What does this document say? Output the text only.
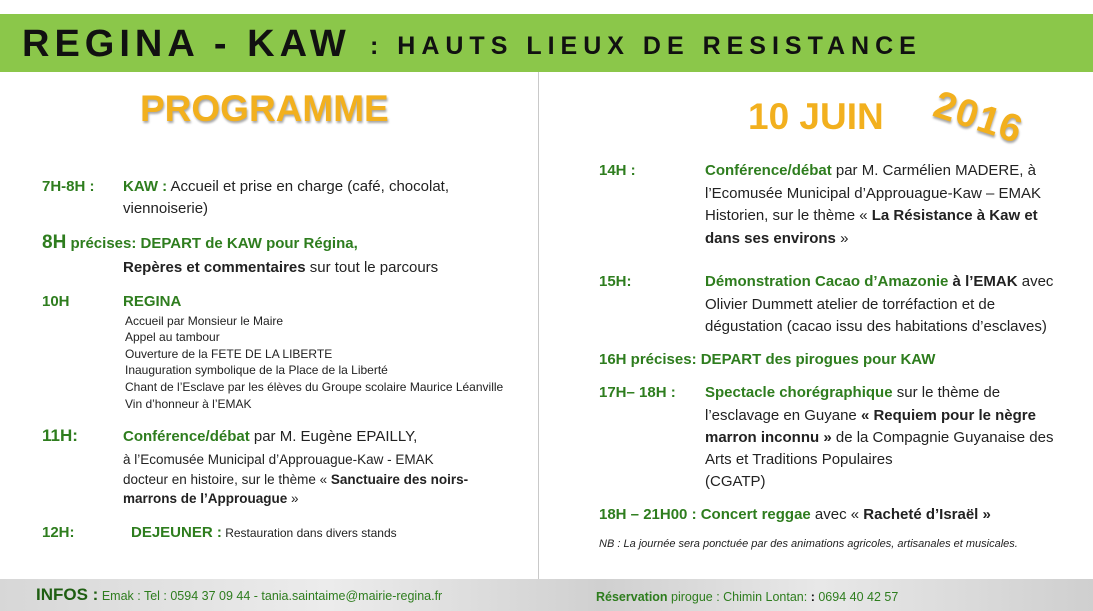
REGINA - KAW : HAUTS LIEUX DE RESISTANCE
PROGRAMME
7H-8H : KAW : Accueil et prise en charge (café, chocolat,
viennoiserie)
8H précises: DEPART de KAW pour Régina,
Repères et commentaires sur tout le parcours
10H	REGINA
Accueil par Monsieur le Maire
Appel au tambour
Ouverture de la FETE DE LA LIBERTE
Inauguration symbolique de la Place de la Liberté
Chant de l’Esclave par les élèves du Groupe scolaire Maurice Léanville
Vin d’honneur à l’EMAK
11H:	Conférence/débat par M. Eugène EPAILLY,
à l’Ecomusée Municipal d’Approuague-Kaw - EMAK
docteur en histoire, sur le thème « Sanctuaire des noirs-
marrons de l’Approuague »
12H:	DEJEUNER : Restauration dans divers stands
10 JUIN 2016
14H :	Conférence/débat par M. Carmélien MADERE, à
l’Ecomusée Municipal d’Approuague-Kaw – EMAK
Historien, sur le thème « La Résistance à Kaw et
dans ses environs »
15H:	Démonstration Cacao d’Amazonie à l’EMAK avec
Olivier Dummett atelier de torréfaction et de
dégustation (cacao issu des habitations d’esclaves)
16H précises: DEPART des pirogues pour KAW
17H– 18H : Spectacle chorégraphique sur le thème de
l’esclavage en Guyane « Requiem pour le nègre
marron inconnu » de la Compagnie Guyanaise des
Arts et Traditions Populaires
(CGATP)
18H – 21H00 : Concert reggae avec « Racheté d’Israël »
NB : La journée sera ponctuée par des animations agricoles, artisanales et musicales.
INFOS : Emak : Tel : 0594 37 09 44 - tania.saintaime@mairie-regina.fr	Réservation pirogue : Chimin Lontan: : 0694 40 42 57
